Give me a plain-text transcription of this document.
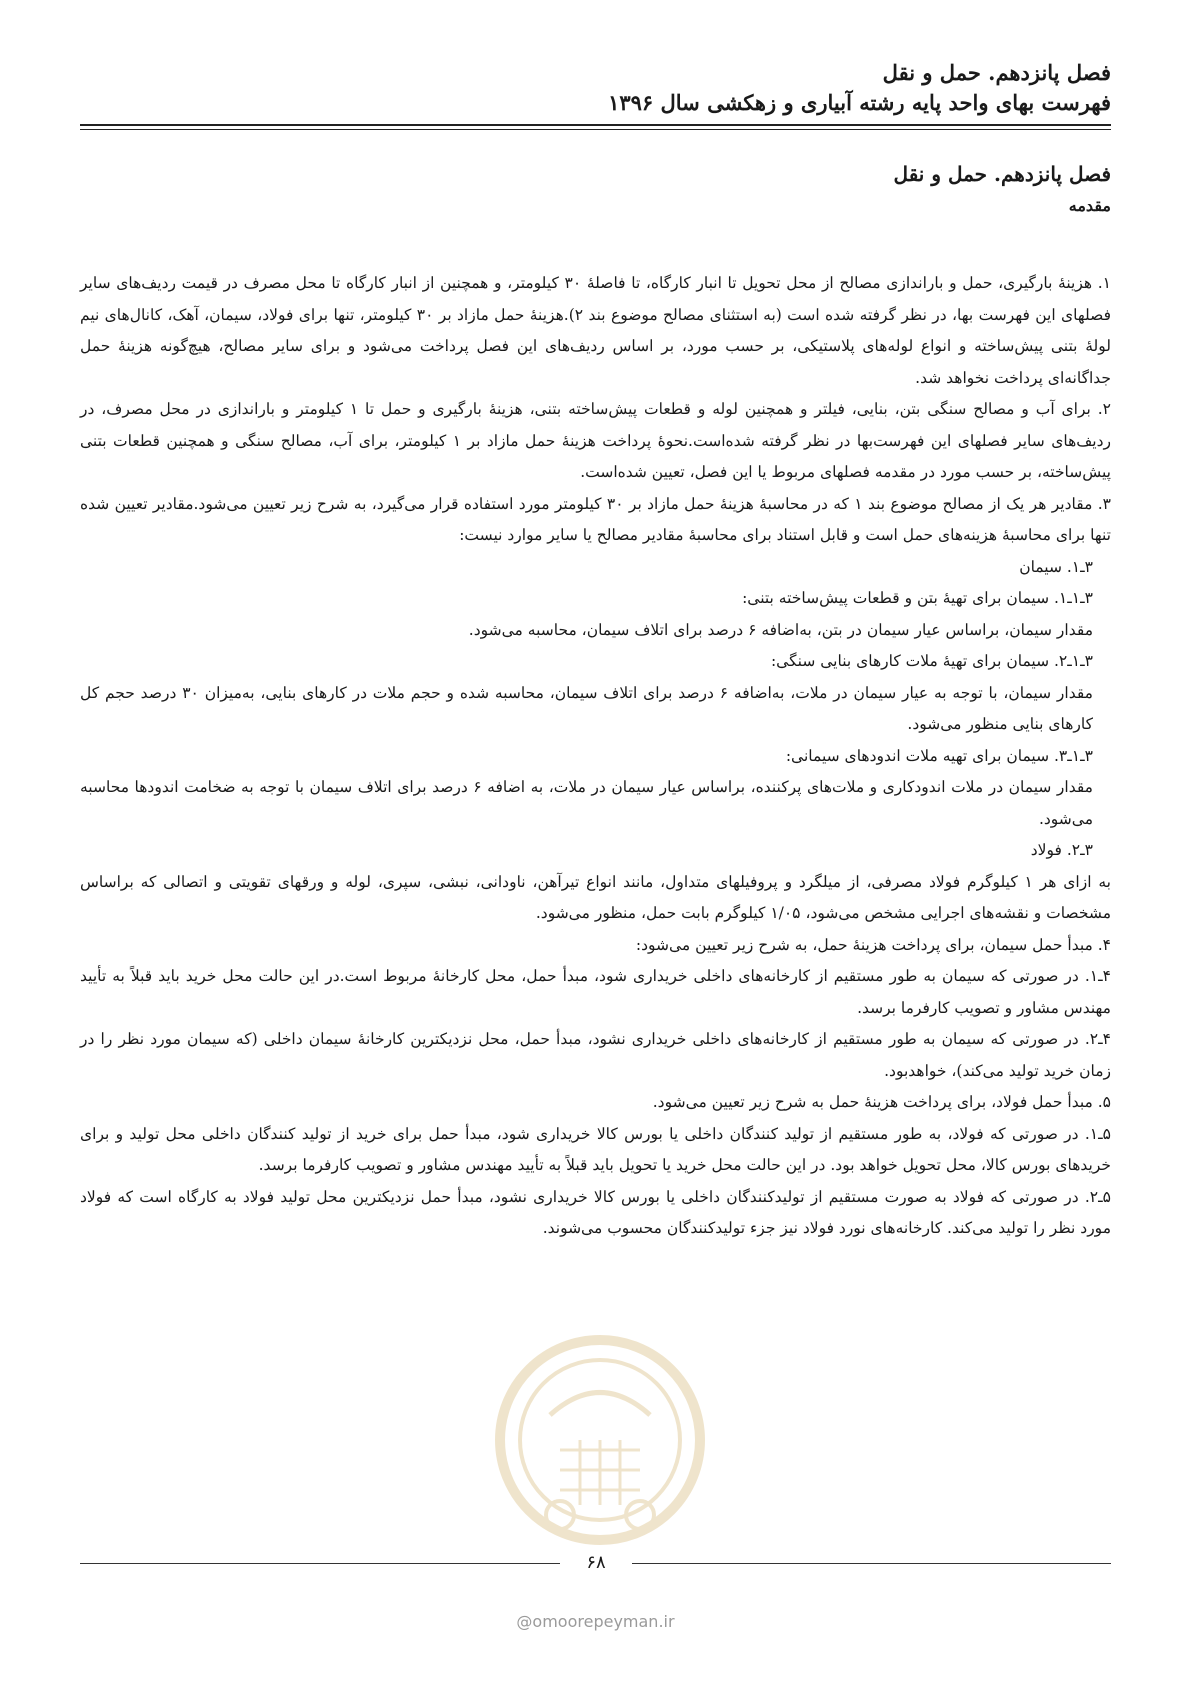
فصل پانزدهم. حمل و نقل
فهرست بهای واحد پایه رشته آبیاری و زهکشی سال ۱۳۹۶
فصل پانزدهم. حمل و نقل
مقدمه

۱. هزینهٔ بارگیری، حمل و باراندازی مصالح از محل تحویل تا انبار کارگاه، تا فاصلهٔ ۳۰ کیلومتر، و همچنین از انبار کارگاه تا محل مصرف در قیمت ردیف‌های سایر فصلهای این فهرست بها، در نظر گرفته شده است (به استثنای مصالح موضوع بند ۲).هزینهٔ حمل مازاد بر ۳۰ کیلومتر، تنها برای فولاد، سیمان، آهک، کانال‌های نیم لولهٔ بتنی پیش‌ساخته و انواع لوله‌های پلاستیکی، بر حسب مورد، بر اساس ردیف‌های این فصل پرداخت می‌شود و برای سایر مصالح، هیچ‌گونه هزینهٔ حمل جداگانه‌ای پرداخت نخواهد شد.

۲. برای آب و مصالح سنگی بتن، بنایی، فیلتر و همچنین لوله و قطعات پیش‌ساخته بتنی، هزینهٔ بارگیری و حمل تا ۱ کیلومتر و باراندازی در محل مصرف، در ردیف‌های سایر فصلهای این فهرست‌بها در نظر گرفته شده‌است.نحوهٔ پرداخت هزینهٔ حمل مازاد بر ۱ کیلومتر، برای آب، مصالح سنگی و همچنین قطعات بتنی پیش‌ساخته، بر حسب مورد در مقدمه فصلهای مربوط یا این فصل، تعیین شده‌است.

۳. مقادیر هر یک از مصالح موضوع بند ۱ که در محاسبهٔ هزینهٔ حمل مازاد بر ۳۰ کیلومتر مورد استفاده قرار می‌گیرد، به شرح زیر تعیین می‌شود.مقادیر تعیین شده تنها برای محاسبهٔ هزینه‌های حمل است و قابل استناد برای محاسبهٔ مقادیر مصالح یا سایر موارد نیست:

۳ـ۱. سیمان

۳ـ۱ـ۱. سیمان برای تهیهٔ بتن و قطعات پیش‌ساخته بتنی:

مقدار سیمان، براساس عیار سیمان در بتن، به‌اضافه ۶ درصد برای اتلاف سیمان، محاسبه می‌شود.

۳ـ۱ـ۲. سیمان برای تهیهٔ ملات کارهای بنایی سنگی:

مقدار سیمان، با توجه به عیار سیمان در ملات، به‌اضافه ۶ درصد برای اتلاف سیمان، محاسبه شده و حجم ملات در کارهای بنایی، به‌میزان ۳۰ درصد حجم کل کارهای بنایی منظور می‌شود.

۳ـ۱ـ۳. سیمان برای تهیه ملات اندودهای سیمانی:

مقدار سیمان در ملات اندودکاری و ملات‌های پرکننده، براساس عیار سیمان در ملات، به اضافه ۶ درصد برای اتلاف سیمان با توجه به ضخامت اندودها محاسبه می‌شود.

۳ـ۲. فولاد

به ازای هر ۱ کیلوگرم فولاد مصرفی، از میلگرد و پروفیلهای متداول، مانند انواع تیرآهن، ناودانی، نبشی، سپری، لوله و ورقهای تقویتی و اتصالی که براساس مشخصات و نقشه‌های اجرایی مشخص می‌شود، ۱/۰۵ کیلوگرم بابت حمل، منظور می‌شود.

۴. مبدأ حمل سیمان، برای پرداخت هزینهٔ حمل، به شرح زیر تعیین می‌شود:

۴ـ۱. در صورتی که سیمان به طور مستقیم از کارخانه‌های داخلی خریداری شود، مبدأ حمل، محل کارخانهٔ مربوط است.در این حالت محل خرید باید قبلاً به تأیید مهندس مشاور و تصویب کارفرما برسد.

۴ـ۲. در صورتی که سیمان به طور مستقیم از کارخانه‌های داخلی خریداری نشود، مبدأ حمل، محل نزدیکترین کارخانهٔ سیمان داخلی (که سیمان مورد نظر را در زمان خرید تولید می‌کند)، خواهدبود.

۵. مبدأ حمل فولاد، برای پرداخت هزینهٔ حمل به شرح زیر تعیین می‌شود.

۵ـ۱. در صورتی که فولاد، به طور مستقیم از تولید کنندگان داخلی یا بورس کالا خریداری شود، مبدأ حمل برای خرید از تولید کنندگان داخلی محل تولید و برای خریدهای بورس کالا، محل تحویل خواهد بود. در این حالت محل خرید یا تحویل باید قبلاً به تأیید مهندس مشاور و تصویب کارفرما برسد.

۵ـ۲. در صورتی که فولاد به صورت مستقیم از تولیدکنندگان داخلی یا بورس کالا خریداری نشود، مبدأ حمل نزدیکترین محل تولید فولاد به کارگاه است که فولاد مورد نظر را تولید می‌کند. کارخانه‌های نورد فولاد نیز جزء تولیدکنندگان محسوب می‌شوند.

۶۸
@omoorepeyman.ir
